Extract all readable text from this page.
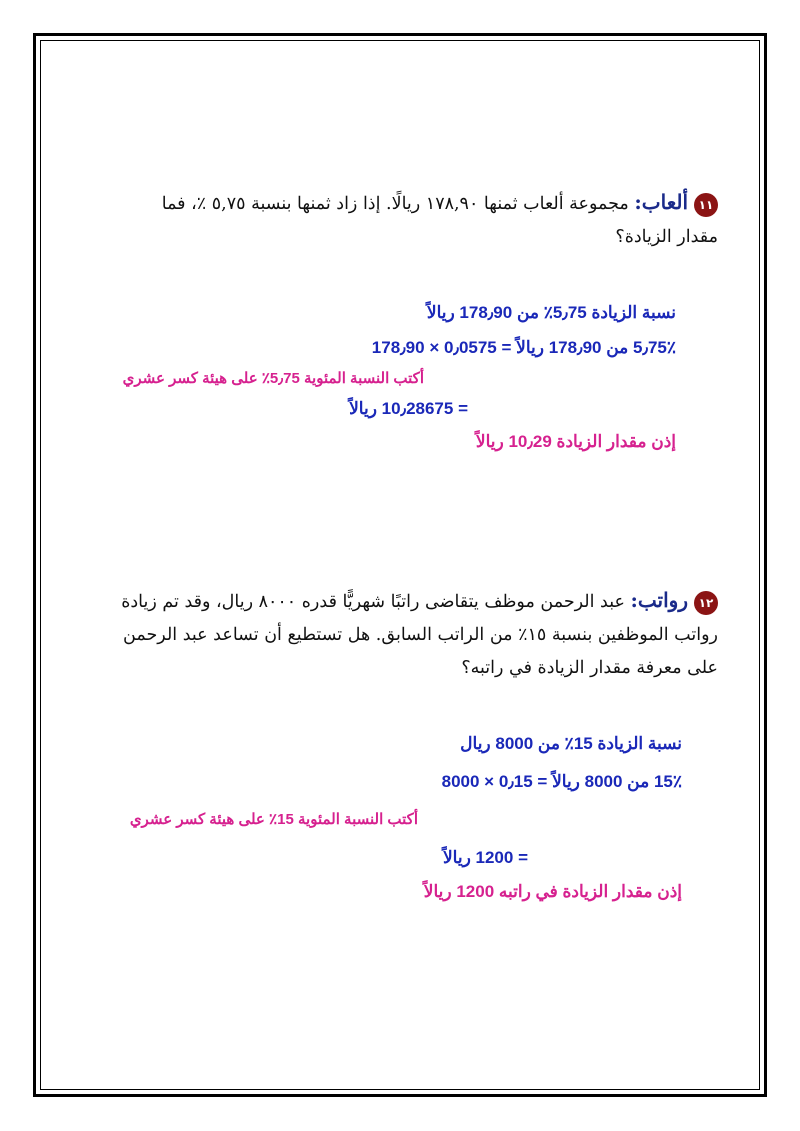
١١ألعاب: مجموعة ألعاب ثمنها ١٧٨,٩٠ ريالًا. إذا زاد ثمنها بنسبة ٥,٧٥ ٪، فما مقدار الزيادة؟
نسبة الزيادة 5٫75٪ من 178٫90 ريالاً
5٫75٪ من 178٫90 ريالاً = 0٫0575 × 178٫90
أكتب النسبة المئوية 5٫75٪ على هيئة كسر عشري
= 10٫28675 ريالاً
إذن مقدار الزيادة 10٫29 ريالاً
١٢رواتب: عبد الرحمن موظف يتقاضى راتبًا شهريًّا قدره ٨٠٠٠ ريال، وقد تم زيادة رواتب الموظفين بنسبة ١٥٪ من الراتب السابق. هل تستطيع أن تساعد عبد الرحمن على معرفة مقدار الزيادة في راتبه؟
نسبة الزيادة 15٪ من 8000 ريال
15٪ من 8000 ريالاً = 0٫15 × 8000
أكتب النسبة المئوية 15٪ على هيئة كسر عشري
= 1200 ريالاً
إذن مقدار الزيادة في راتبه 1200 ريالاً
